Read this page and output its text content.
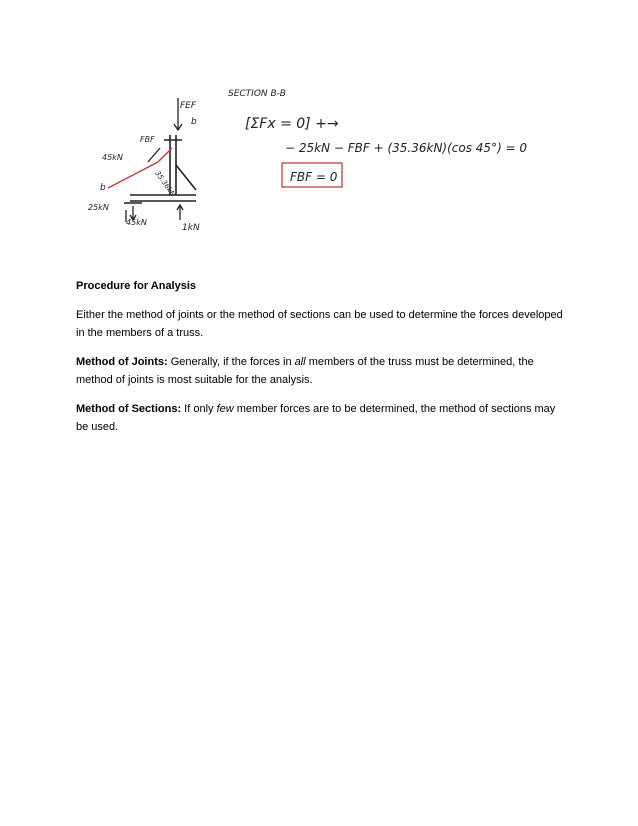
FEF
b
FBF
45kN
35.36kN
b
25kN
45kN
1kN
SECTION B-B
[ΣFx = 0] +→
− 25kN − FBF + (35.36kN)(cos 45°) = 0
FBF = 0
Procedure for Analysis

Either the method of joints or the method of sections can be used to determine the forces developed in the members of a truss.

Method of Joints: Generally, if the forces in all members of the truss must be determined, the method of joints is most suitable for the analysis.

Method of Sections: If only few member forces are to be determined, the method of sections may be used.
